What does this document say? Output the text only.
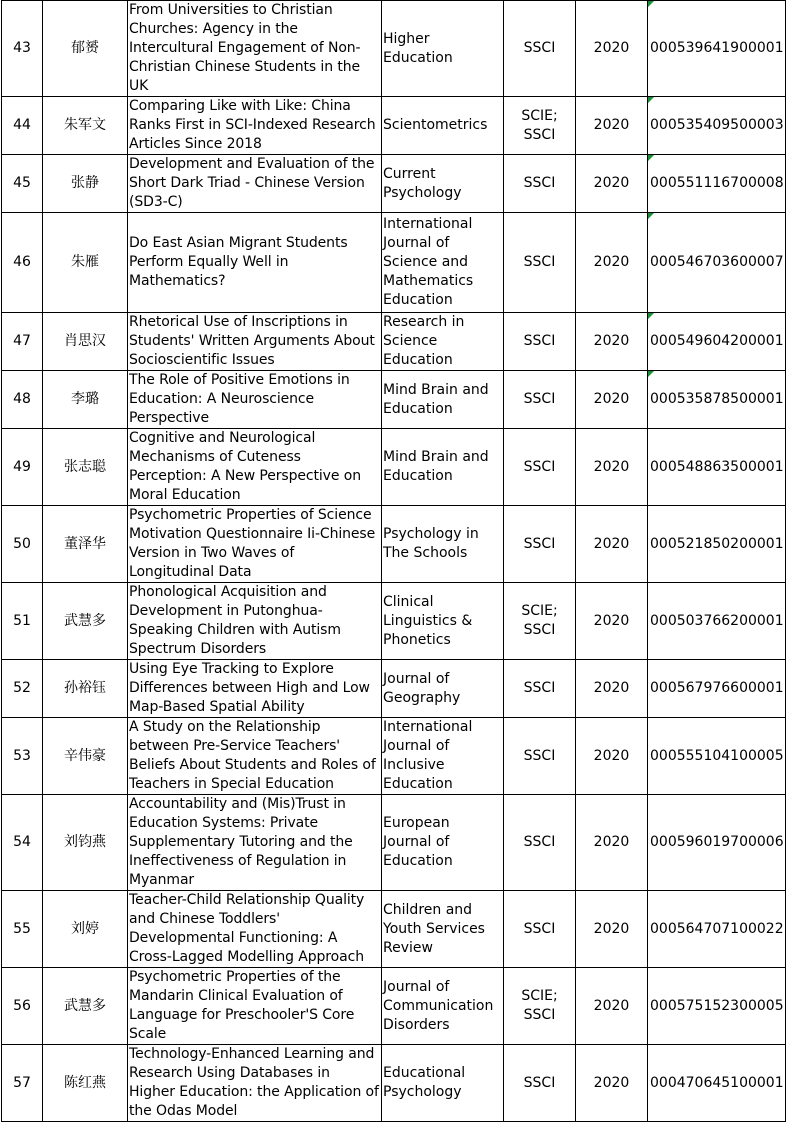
43	郁赟	From Universities to Christian Churches: Agency in the Intercultural Engagement of Non-Christian Chinese Students in the UK	Higher Education	SSCI	2020	000539641900001

44	朱军文	Comparing Like with Like: China Ranks First in SCI-Indexed Research Articles Since 2018	Scientometrics	SCIE; SSCI	2020	000535409500003

45	张静	Development and Evaluation of the Short Dark Triad - Chinese Version (SD3-C)	Current Psychology	SSCI	2020	000551116700008

46	朱雁	Do East Asian Migrant Students Perform Equally Well in Mathematics?	International Journal of Science and Mathematics Education	SSCI	2020	000546703600007

47	肖思汉	Rhetorical Use of Inscriptions in Students' Written Arguments About Socioscientific Issues	Research in Science Education	SSCI	2020	000549604200001

48	李璐	The Role of Positive Emotions in Education: A Neuroscience Perspective	Mind Brain and Education	SSCI	2020	000535878500001

49	张志聪	Cognitive and Neurological Mechanisms of Cuteness Perception: A New Perspective on Moral Education	Mind Brain and Education	SSCI	2020	000548863500001
50	董泽华	Psychometric Properties of Science Motivation Questionnaire Ii-Chinese Version in Two Waves of Longitudinal Data	Psychology in The Schools	SSCI	2020	000521850200001
51	武慧多	Phonological Acquisition and Development in Putonghua-Speaking Children with Autism Spectrum Disorders	Clinical Linguistics & Phonetics	SCIE; SSCI	2020	000503766200001
52	孙裕钰	Using Eye Tracking to Explore Differences between High and Low Map-Based Spatial Ability	Journal of Geography	SSCI	2020	000567976600001
53	辛伟豪	A Study on the Relationship between Pre-Service Teachers' Beliefs About Students and Roles of Teachers in Special Education	International Journal of Inclusive Education	SSCI	2020	000555104100005
54	刘钧燕	Accountability and (Mis)Trust in Education Systems: Private Supplementary Tutoring and the Ineffectiveness of Regulation in Myanmar	European Journal of Education	SSCI	2020	000596019700006
55	刘婷	Teacher-Child Relationship Quality and Chinese Toddlers' Developmental Functioning: A Cross-Lagged Modelling Approach	Children and Youth Services Review	SSCI	2020	000564707100022
56	武慧多	Psychometric Properties of the Mandarin Clinical Evaluation of Language for Preschooler'S Core Scale	Journal of Communication Disorders	SCIE; SSCI	2020	000575152300005
57	陈红燕	Technology-Enhanced Learning and Research Using Databases in Higher Education: the Application of the Odas Model	Educational Psychology	SSCI	2020	000470645100001
